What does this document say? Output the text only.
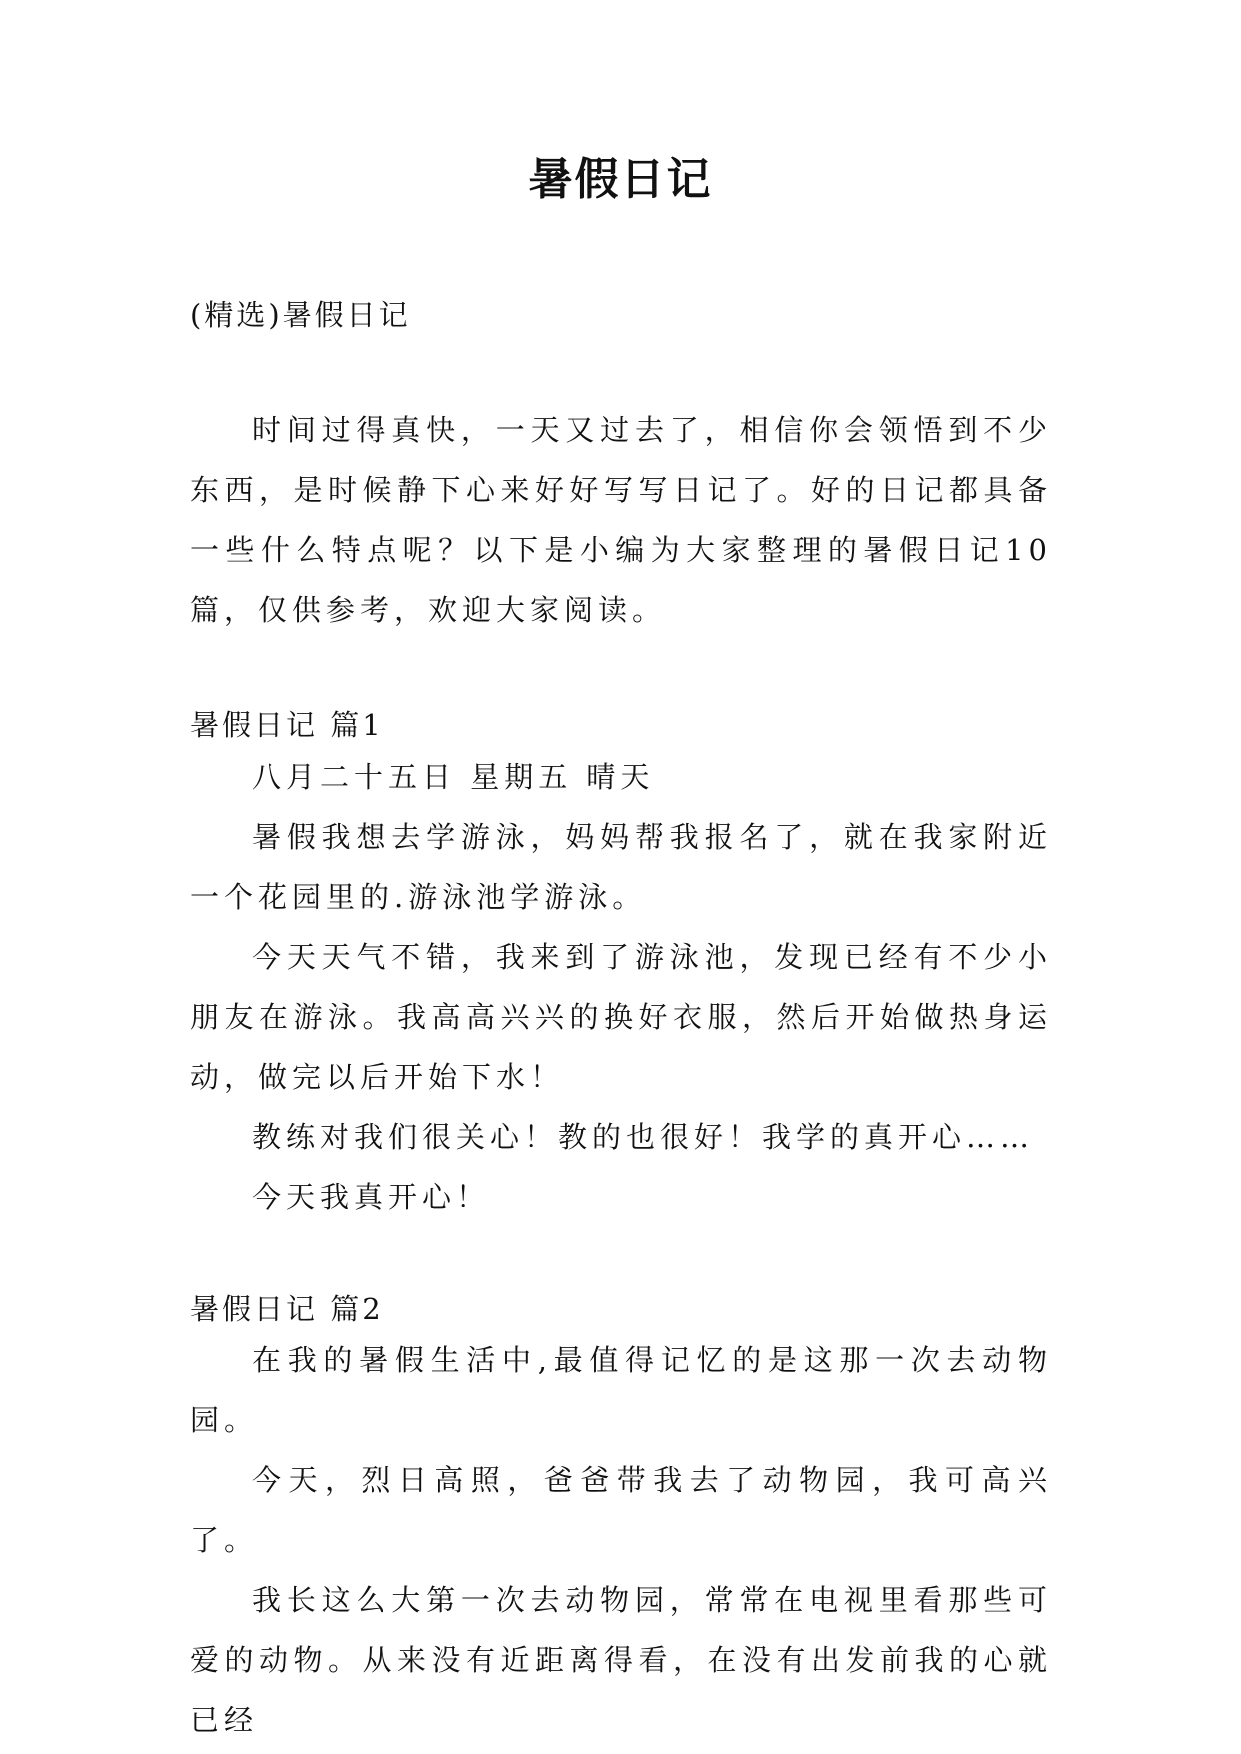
暑假日记
(精选)暑假日记

时间过得真快，一天又过去了，相信你会领悟到不少东西，是时候静下心来好好写写日记了。好的日记都具备一些什么特点呢？以下是小编为大家整理的暑假日记10篇，仅供参考，欢迎大家阅读。

暑假日记 篇1

八月二十五日 星期五 晴天

暑假我想去学游泳，妈妈帮我报名了，就在我家附近一个花园里的.游泳池学游泳。

今天天气不错，我来到了游泳池，发现已经有不少小朋友在游泳。我高高兴兴的换好衣服，然后开始做热身运动，做完以后开始下水！

教练对我们很关心！教的也很好！我学的真开心……

今天我真开心！

暑假日记 篇2

在我的暑假生活中,最值得记忆的是这那一次去动物园。

今天，烈日高照，爸爸带我去了动物园，我可高兴了。

我长这么大第一次去动物园，常常在电视里看那些可爱的动物。从来没有近距离得看，在没有出发前我的心就已经
